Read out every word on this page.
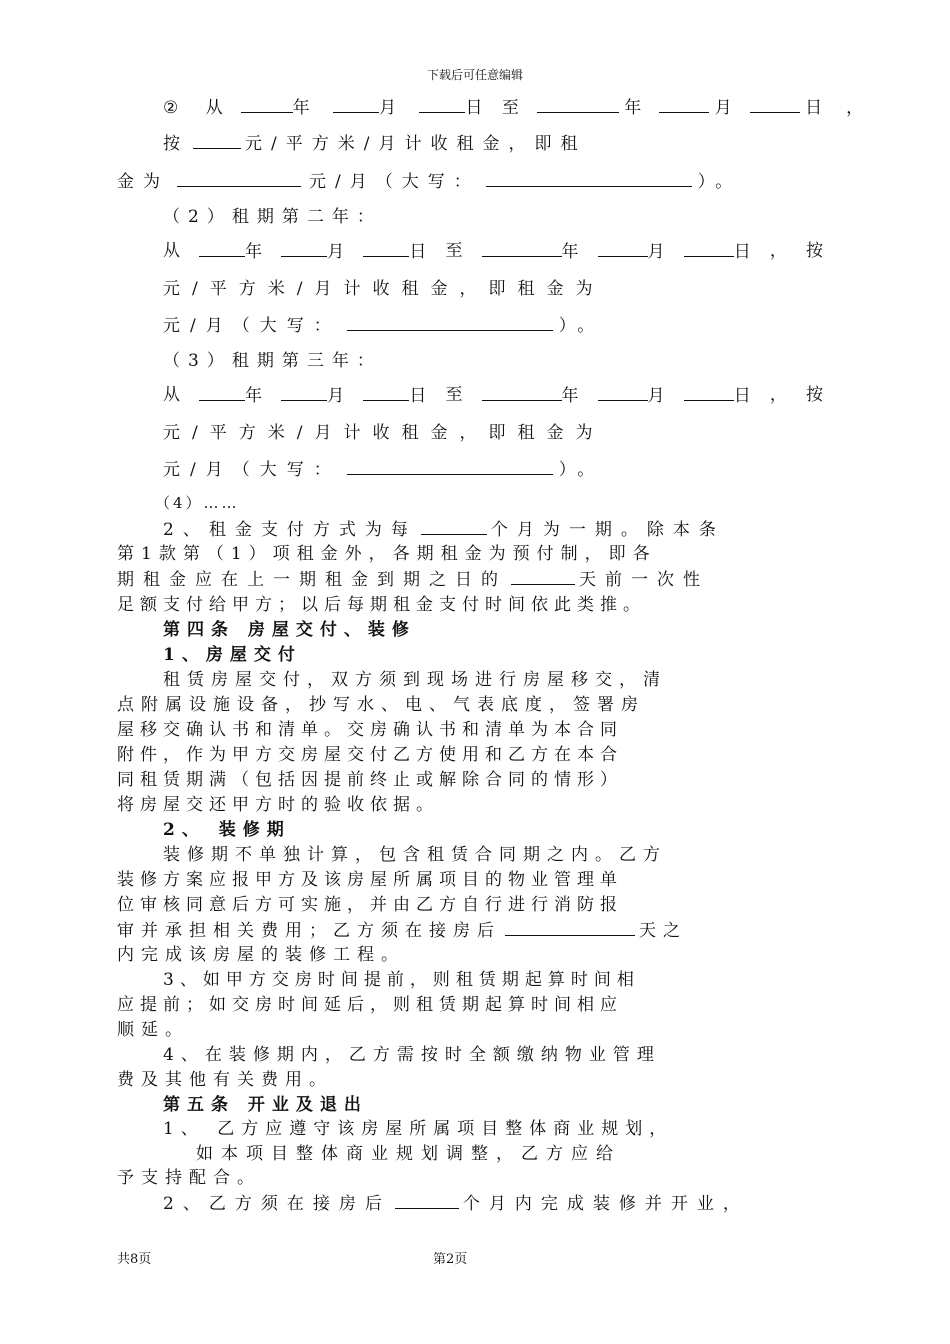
下载后可任意编辑
② 从	年	月	日 至	年	月	日 ，
按	元/平方米/月计收租金，即租
金为	元/月（大写：	）。
（2）租期第二年：
从	年	月	日 至	年	月	日 ， 按
元/平方米/月计收租金，即租金为
元/月（大写：	）。
（3）租期第三年：
从	年	月	日 至	年	月	日 ， 按
元/平方米/月计收租金，即租金为
元/月（大写：	）。
（4）……
2、租金支付方式为每	个月为一期。除本条
第1款第（1）项租金外，各期租金为预付制，即各
期租金应在上一期租金到期之日的	天前一次性
足额支付给甲方；以后每期租金支付时间依此类推。
第四条 房屋交付、装修
1、房屋交付
租赁房屋交付，双方须到现场进行房屋移交，清
点附属设施设备，抄写水、电、气表底度，签署房
屋移交确认书和清单。交房确认书和清单为本合同
附件，作为甲方交房屋交付乙方使用和乙方在本合
同租赁期满（包括因提前终止或解除合同的情形）
将房屋交还甲方时的验收依据。
2、 装修期
装修期不单独计算，包含租赁合同期之内。乙方
装修方案应报甲方及该房屋所属项目的物业管理单
位审核同意后方可实施，并由乙方自行进行消防报
审并承担相关费用；乙方须在接房后	天之
内完成该房屋的装修工程。
3、如甲方交房时间提前，则租赁期起算时间相
应提前；如交房时间延后，则租赁期起算时间相应
顺延。
4、在装修期内，乙方需按时全额缴纳物业管理
费及其他有关费用。
第五条 开业及退出
1、 乙方应遵守该房屋所属项目整体商业规划，
如本项目整体商业规划调整，乙方应给
予支持配合。
2、乙方须在接房后	个月内完成装修并开业，
共8页	第2页
